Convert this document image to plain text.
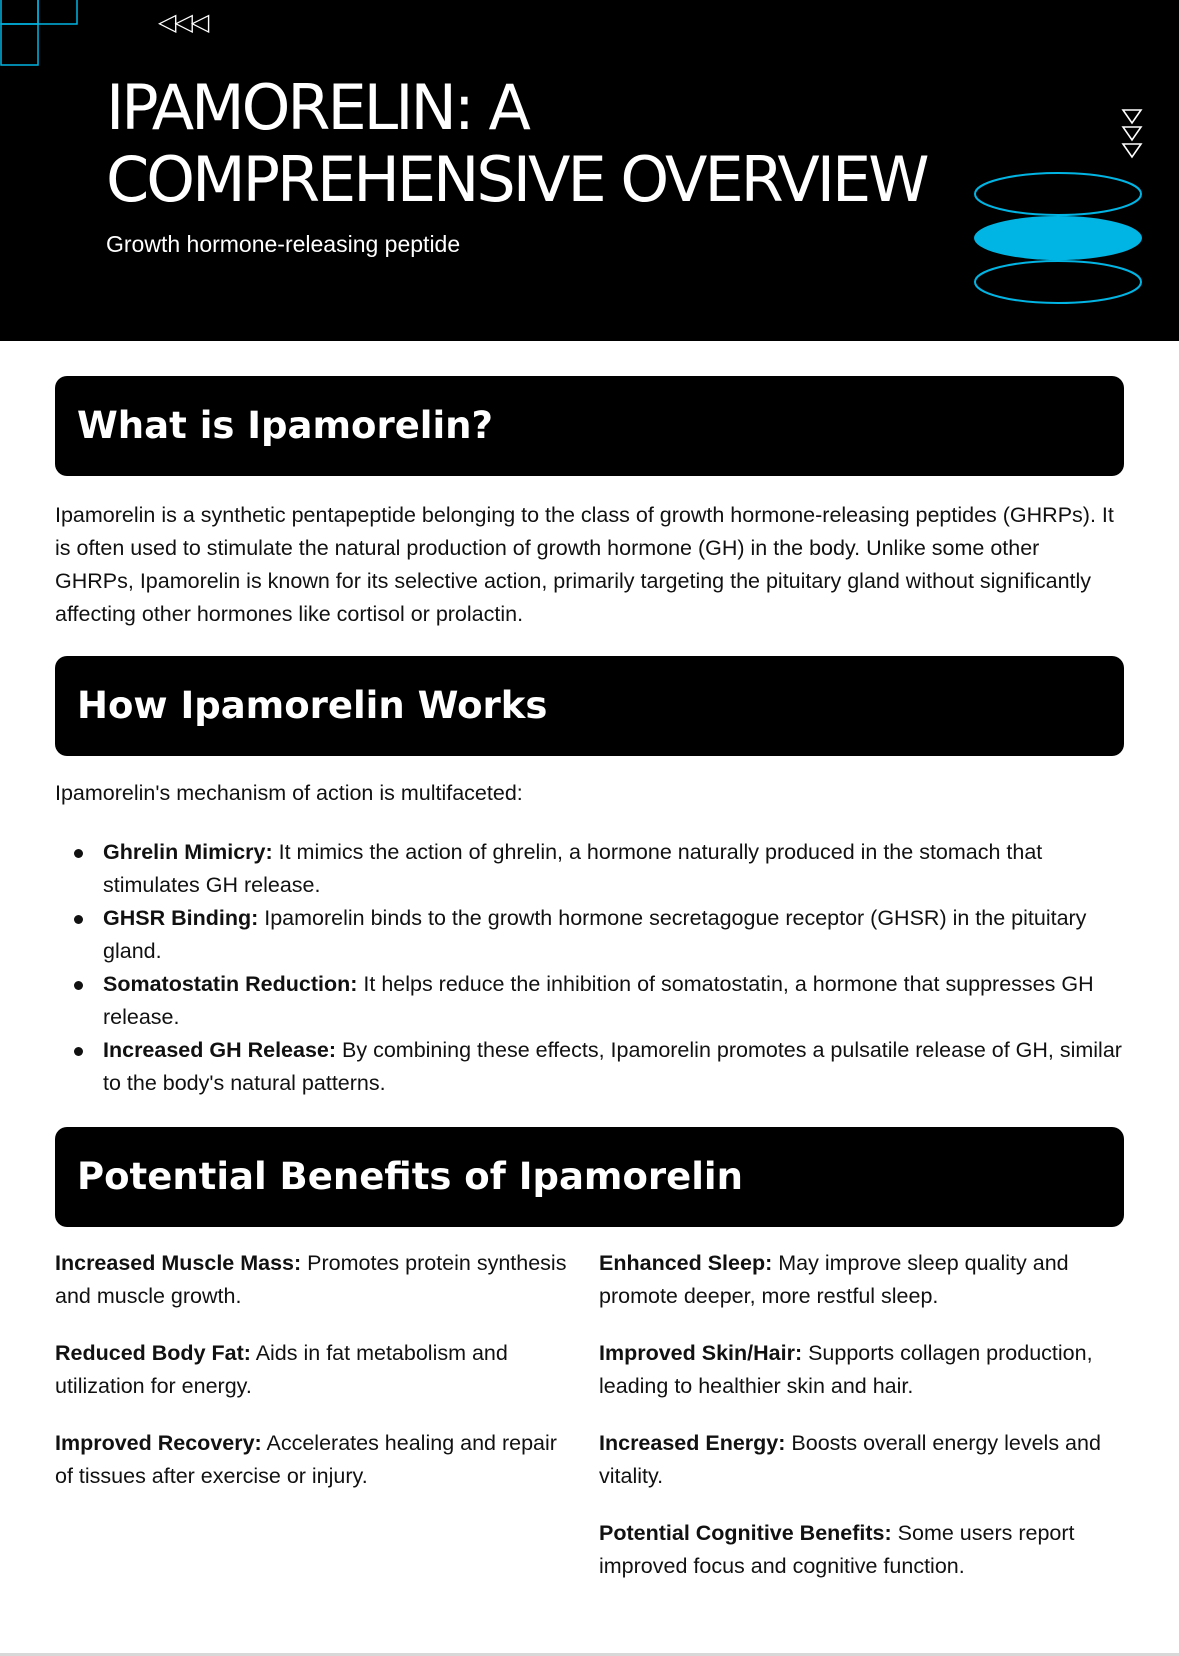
◁◁◁
IPAMORELIN: A COMPREHENSIVE OVERVIEW
Growth hormone-releasing peptide
What is Ipamorelin?

Ipamorelin is a synthetic pentapeptide belonging to the class of growth hormone-releasing peptides (GHRPs). It is often used to stimulate the natural production of growth hormone (GH) in the body. Unlike some other GHRPs, Ipamorelin is known for its selective action, primarily targeting the pituitary gland without significantly affecting other hormones like cortisol or prolactin.

How Ipamorelin Works

Ipamorelin's mechanism of action is multifaceted:

Ghrelin Mimicry: It mimics the action of ghrelin, a hormone naturally produced in the stomach that stimulates GH release.
GHSR Binding: Ipamorelin binds to the growth hormone secretagogue receptor (GHSR) in the pituitary gland.
Somatostatin Reduction: It helps reduce the inhibition of somatostatin, a hormone that suppresses GH release.
Increased GH Release: By combining these effects, Ipamorelin promotes a pulsatile release of GH, similar to the body's natural patterns.
Potential Benefits of Ipamorelin

Increased Muscle Mass: Promotes protein synthesis and muscle growth.

Reduced Body Fat: Aids in fat metabolism and utilization for energy.

Improved Recovery: Accelerates healing and repair of tissues after exercise or injury.

Enhanced Sleep: May improve sleep quality and promote deeper, more restful sleep.

Improved Skin/Hair: Supports collagen production, leading to healthier skin and hair.

Increased Energy: Boosts overall energy levels and vitality.

Potential Cognitive Benefits: Some users report improved focus and cognitive function.
